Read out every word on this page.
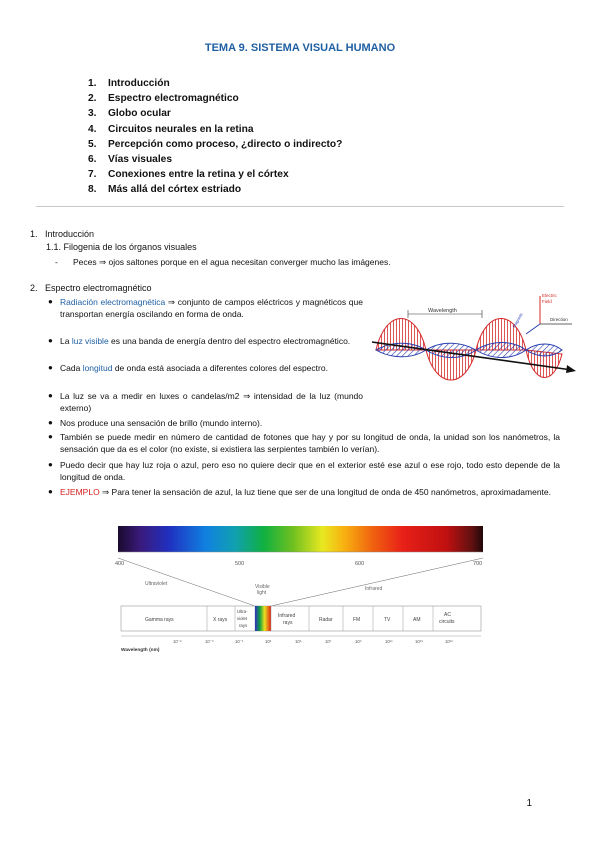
TEMA 9. SISTEMA VISUAL HUMANO
1. Introducción
2. Espectro electromagnético
3. Globo ocular
4. Circuitos neurales en la retina
5. Percepción como proceso, ¿directo o indirecto?
6. Vías visuales
7. Conexiones entre la retina y el córtex
8. Más allá del córtex estriado
1. Introducción
1.1. Filogenia de los órganos visuales
- Peces ⇒ ojos saltones porque en el agua necesitan converger mucho las imágenes.
2. Espectro electromagnético
● Radiación electromagnética ⇒ conjunto de campos eléctricos y magnéticos que transportan energía oscilando en forma de onda.
● La luz visible es una banda de energía dentro del espectro electromagnético.
● Cada longitud de onda está asociada a diferentes colores del espectro.
● La luz se va a medir en luxes o candelas/m2 ⇒ intensidad de la luz (mundo externo)
● Nos produce una sensación de brillo (mundo interno).
● También se puede medir en número de cantidad de fotones que hay y por su longitud de onda, la unidad son los nanómetros, la sensación que da es el color (no existe, si existiera las serpientes también lo verían).
● Puedo decir que hay luz roja o azul, pero eso no quiere decir que en el exterior esté ese azul o ese rojo, todo esto depende de la longitud de onda.
● EJEMPLO ⇒ Para tener la sensación de azul, la luz tiene que ser de una longitud de onda de 450 nanómetros, aproximadamente.
Wavelength
Electric
Field
Magnetic	Direction
400	500	600	700
Ultraviolet	Visible
light
Infrared
Gamma rays	X rays
Ultra-
violet
rays
Infrared
rays	Radar	FM	TV	AM
AC
circuits
10⁻⁵	10⁻³	10⁻¹	10³	10⁵	10⁷	10⁹	10¹¹	10¹³	10¹⁵
Wavelength (nm)
1
